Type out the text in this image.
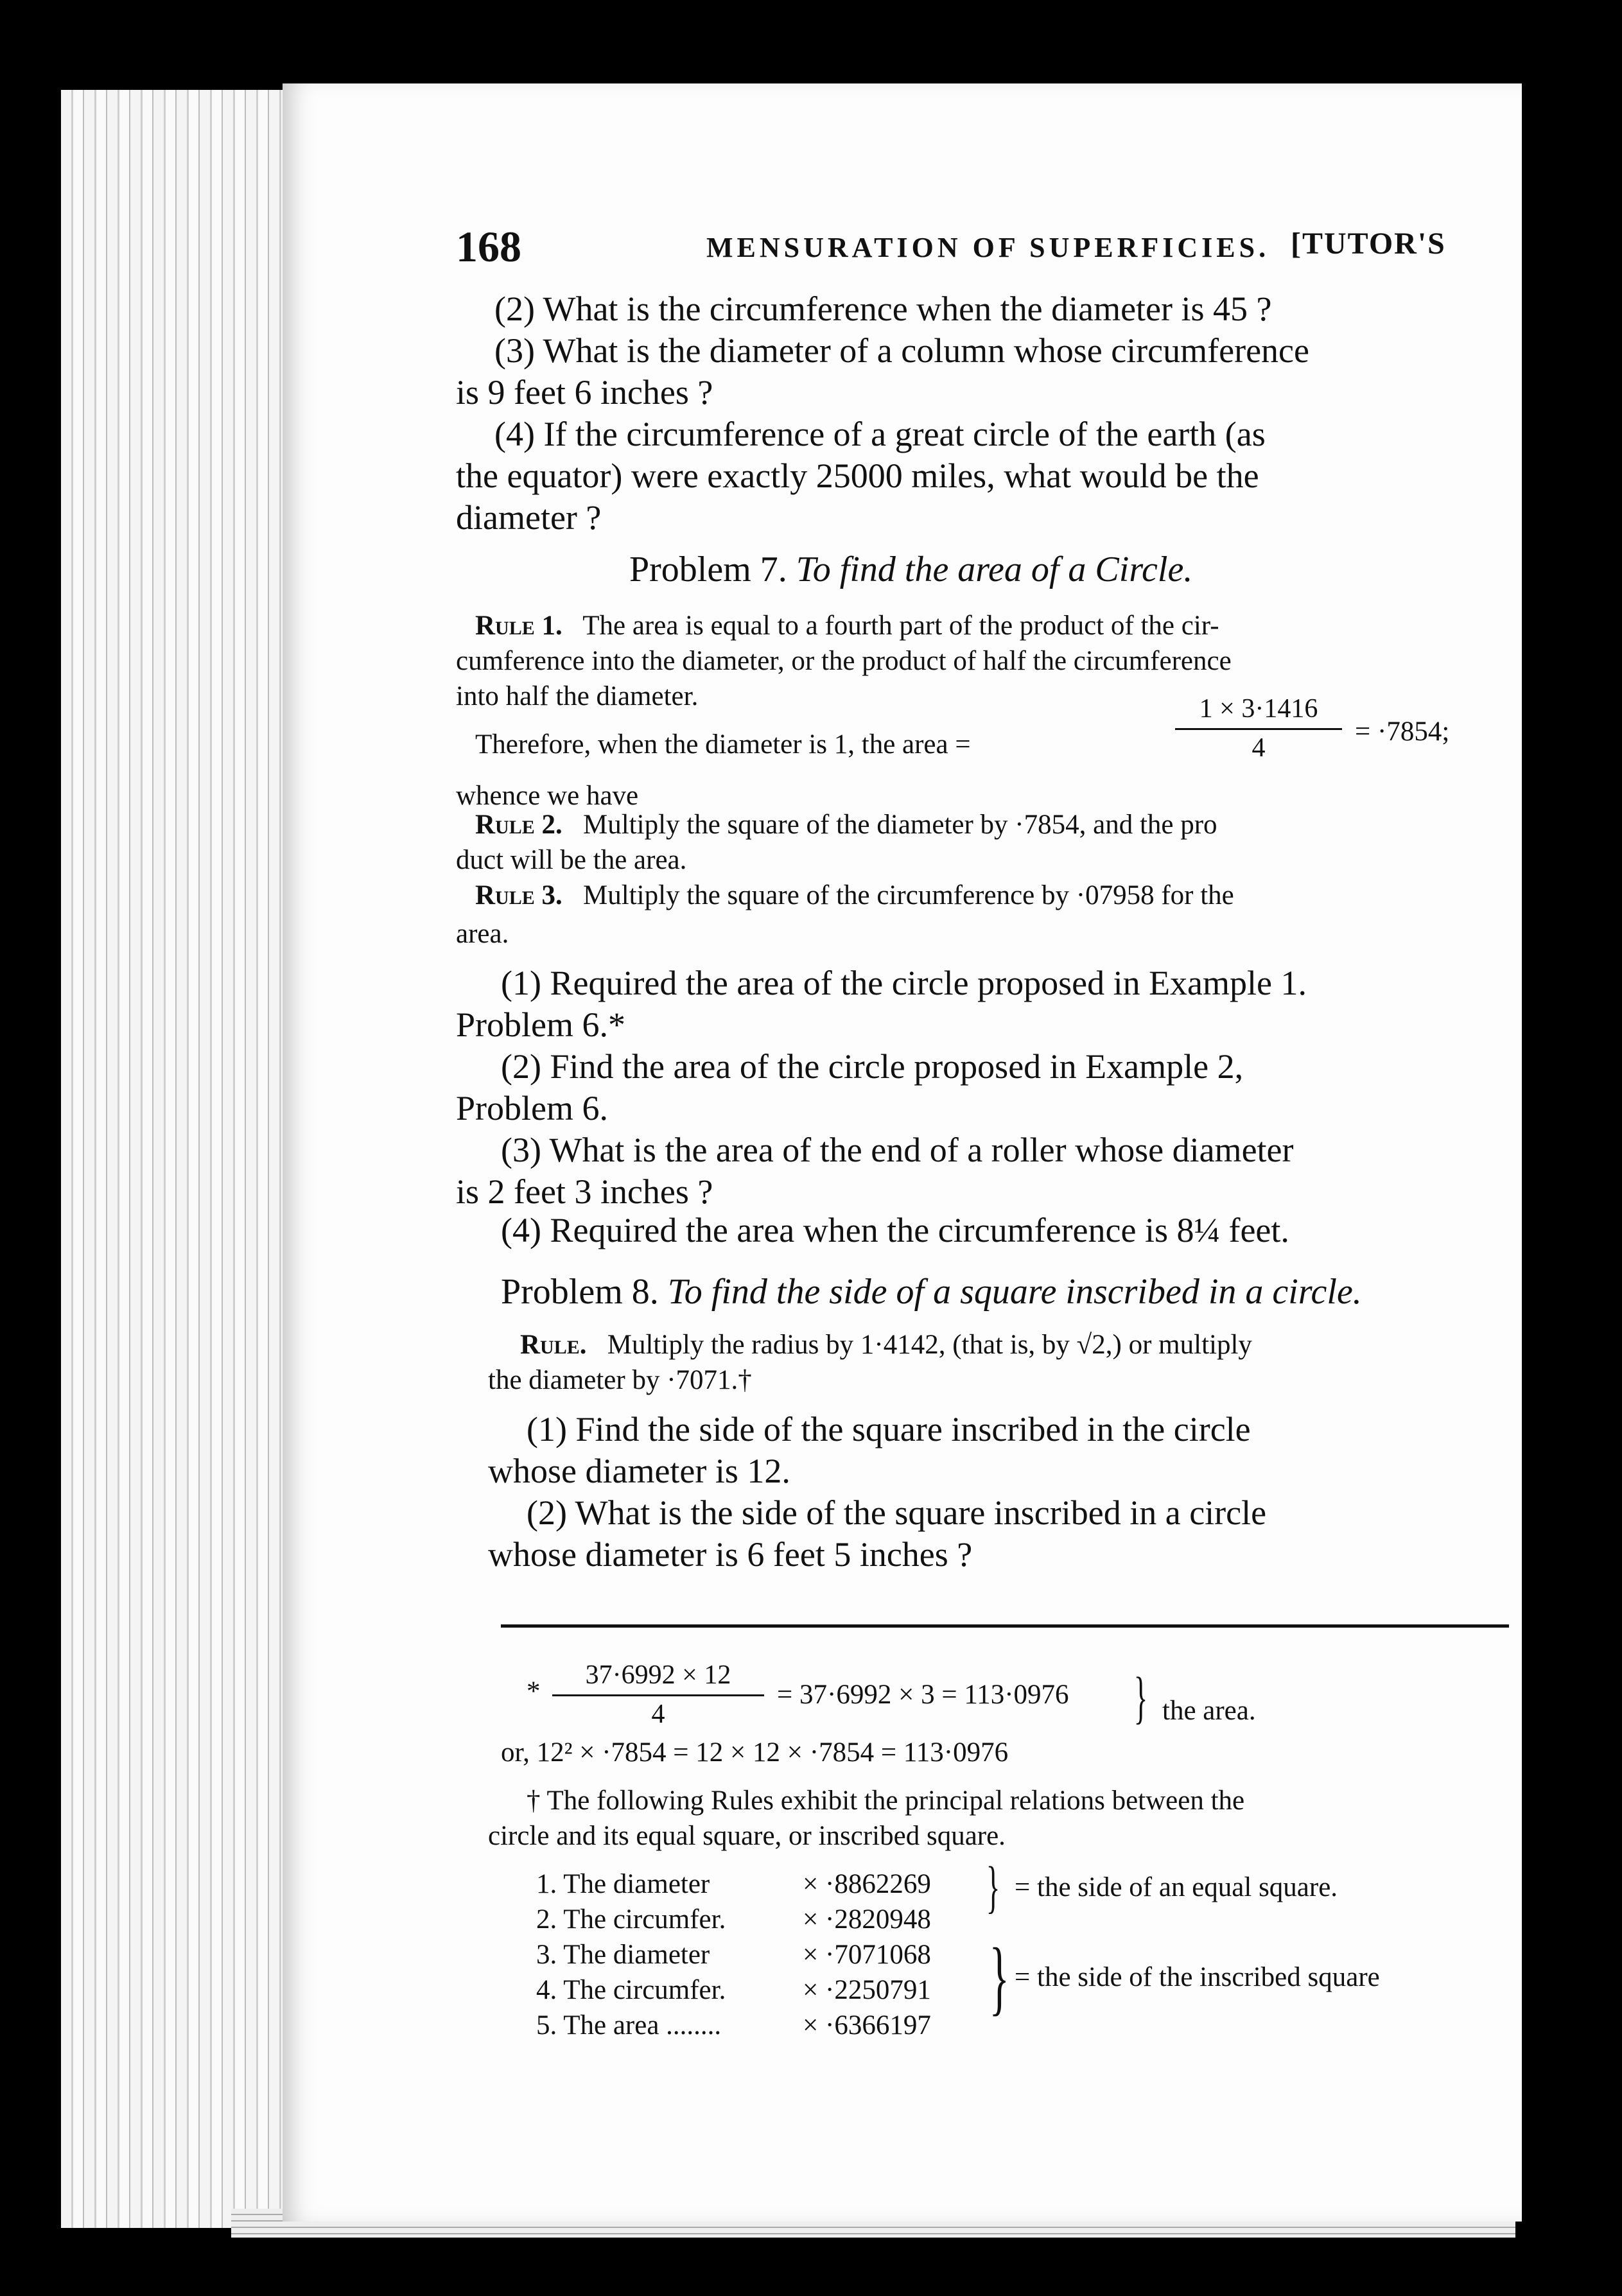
168	MENSURATION OF SUPERFICIES. [TUTOR'S
(2) What is the circumference when the diameter is 45 ?
(3) What is the diameter of a column whose circumference
is 9 feet 6 inches ?
(4) If the circumference of a great circle of the earth (as
the equator) were exactly 25000 miles, what would be the
diameter ?
Problem 7. To find the area of a Circle.
Rule 1. The area is equal to a fourth part of the product of the cir-
cumference into the diameter, or the product of half the circumference
into half the diameter.
Therefore, when the diameter is 1, the area =	$\frac{1 \times 3\cdot 1416}{4} = \cdot 7854$;
whence we have
Rule 2. Multiply the square of the diameter by ·7854, and the pro
duct will be the area.
Rule 3. Multiply the square of the circumference by ·07958 for the
area.
(1) Required the area of the circle proposed in Example 1.
Problem 6.*
(2) Find the area of the circle proposed in Example 2,
Problem 6.
(3) What is the area of the end of a roller whose diameter
is 2 feet 3 inches ?
(4) Required the area when the circumference is 8¼ feet.
Problem 8. To find the side of a square inscribed in a circle.
Rule. Multiply the radius by 1·4142, (that is, by √2,) or multiply
the diameter by ·7071.†
(1) Find the side of the square inscribed in the circle
whose diameter is 12.
(2) What is the side of the square inscribed in a circle
whose diameter is 6 feet 5 inches ?
* $\frac{37\cdot 6992 \times 12}{4} = 37\cdot 6992 \times 3 = 113\cdot 0976$
or, 12² × ·7854 = 12 × 12 × ·7854 = 113·0976
} the area.
† The following Rules exhibit the principal relations between the
circle and its equal square, or inscribed square.
1. The diameter	× ·8862269
2. The circumfer.	× ·2820948
3. The diameter	× ·7071068
4. The circumfer.	× ·2250791
5. The area ........	× ·6366197
} = the side of an equal square.
} = the side of the inscribed square
